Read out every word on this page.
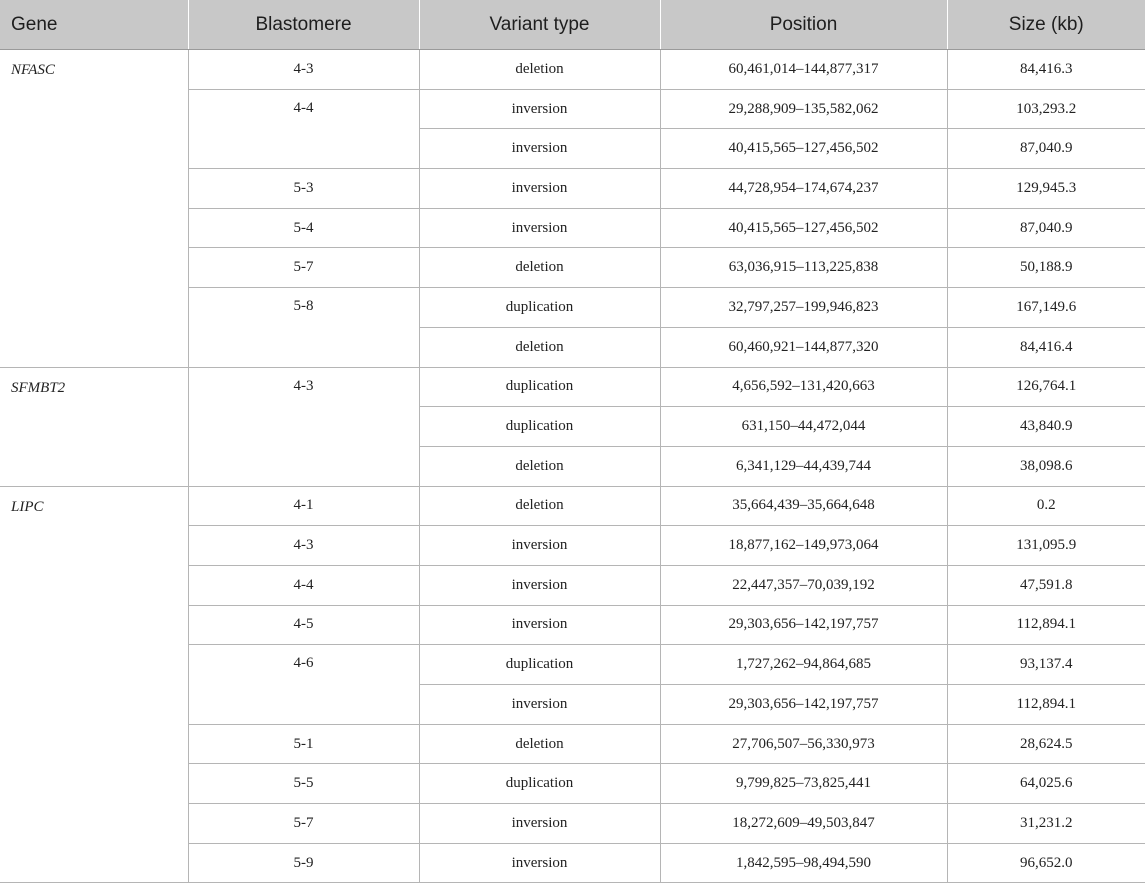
Gene	Blastomere	Variant type	Position	Size (kb)
NFASC	4-3	deletion	60,461,014–144,877,317	84,416.3
	4-4	inversion	29,288,909–135,582,062	103,293.2
		inversion	40,415,565–127,456,502	87,040.9
	5-3	inversion	44,728,954–174,674,237	129,945.3
	5-4	inversion	40,415,565–127,456,502	87,040.9
	5-7	deletion	63,036,915–113,225,838	50,188.9
	5-8	duplication	32,797,257–199,946,823	167,149.6
		deletion	60,460,921–144,877,320	84,416.4
SFMBT2	4-3	duplication	4,656,592–131,420,663	126,764.1
		duplication	631,150–44,472,044	43,840.9
		deletion	6,341,129–44,439,744	38,098.6
LIPC	4-1	deletion	35,664,439–35,664,648	0.2
	4-3	inversion	18,877,162–149,973,064	131,095.9
	4-4	inversion	22,447,357–70,039,192	47,591.8
	4-5	inversion	29,303,656–142,197,757	112,894.1
	4-6	duplication	1,727,262–94,864,685	93,137.4
		inversion	29,303,656–142,197,757	112,894.1
	5-1	deletion	27,706,507–56,330,973	28,624.5
	5-5	duplication	9,799,825–73,825,441	64,025.6
	5-7	inversion	18,272,609–49,503,847	31,231.2
	5-9	inversion	1,842,595–98,494,590	96,652.0
